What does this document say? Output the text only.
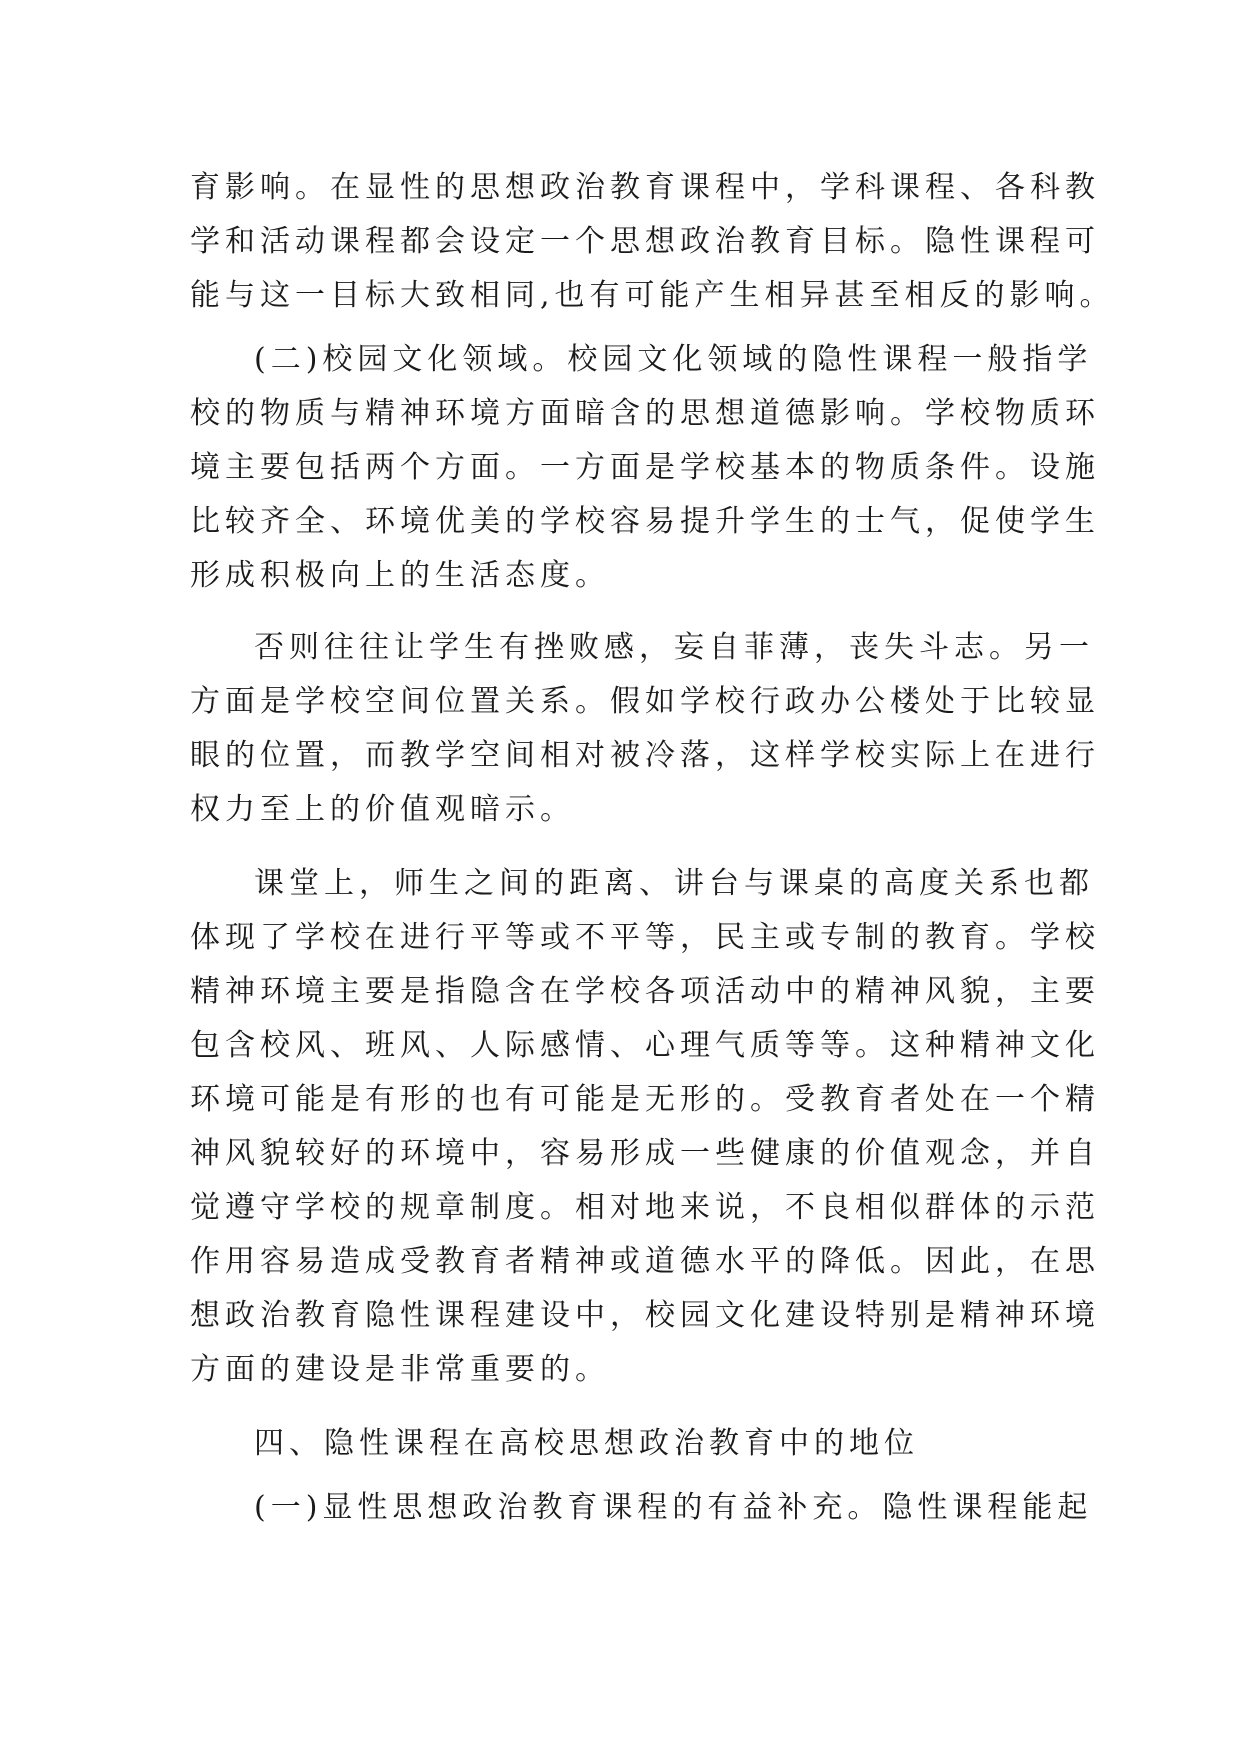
育影响。在显性的思想政治教育课程中，学科课程、各科教
学和活动课程都会设定一个思想政治教育目标。隐性课程可
能与这一目标大致相同,也有可能产生相异甚至相反的影响。
(二)校园文化领域。校园文化领域的隐性课程一般指学
校的物质与精神环境方面暗含的思想道德影响。学校物质环
境主要包括两个方面。一方面是学校基本的物质条件。设施
比较齐全、环境优美的学校容易提升学生的士气，促使学生
形成积极向上的生活态度。
否则往往让学生有挫败感，妄自菲薄，丧失斗志。另一
方面是学校空间位置关系。假如学校行政办公楼处于比较显
眼的位置，而教学空间相对被冷落，这样学校实际上在进行
权力至上的价值观暗示。
课堂上，师生之间的距离、讲台与课桌的高度关系也都
体现了学校在进行平等或不平等，民主或专制的教育。学校
精神环境主要是指隐含在学校各项活动中的精神风貌，主要
包含校风、班风、人际感情、心理气质等等。这种精神文化
环境可能是有形的也有可能是无形的。受教育者处在一个精
神风貌较好的环境中，容易形成一些健康的价值观念，并自
觉遵守学校的规章制度。相对地来说，不良相似群体的示范
作用容易造成受教育者精神或道德水平的降低。因此，在思
想政治教育隐性课程建设中，校园文化建设特别是精神环境
方面的建设是非常重要的。
四、隐性课程在高校思想政治教育中的地位
(一)显性思想政治教育课程的有益补充。隐性课程能起
